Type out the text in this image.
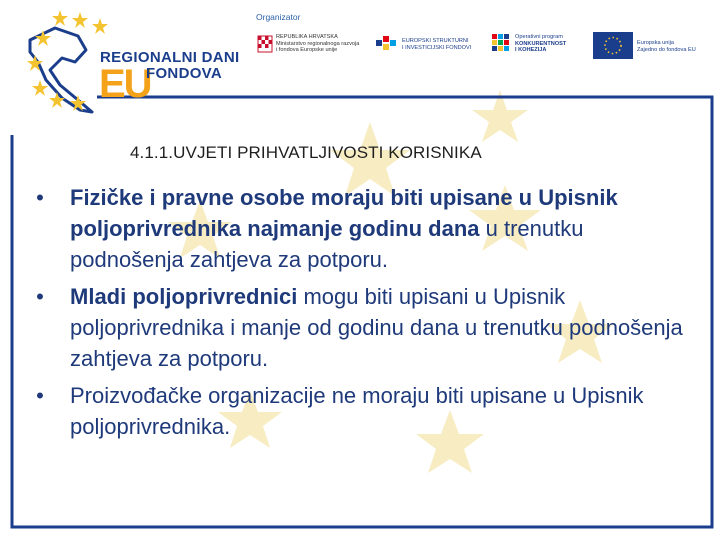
REGIONALNI DANI
EU
FONDOVA
Organizator
REPUBLIKA HRVATSKA
Ministarstvo regionalnoga razvoja
i fondova Europske unije
EUROPSKI STRUKTURNI
I INVESTICIJSKI FONDOVI
Operativni program
KONKURENTNOST
I KOHEZIJA
Europska unija
Zajedno do fondova EU
4.1.1.UVJETI PRIHVATLJIVOSTI KORISNIKA
• Fizičke i pravne osobe moraju biti upisane u Upisnik poljoprivrednika najmanje godinu dana u trenutku podnošenja zahtjeva za potporu.
• Mladi poljoprivrednici mogu biti upisani u Upisnik poljoprivrednika i manje od godinu dana u trenutku podnošenja zahtjeva za potporu.
• Proizvođačke organizacije ne moraju biti upisane u Upisnik poljoprivrednika.
